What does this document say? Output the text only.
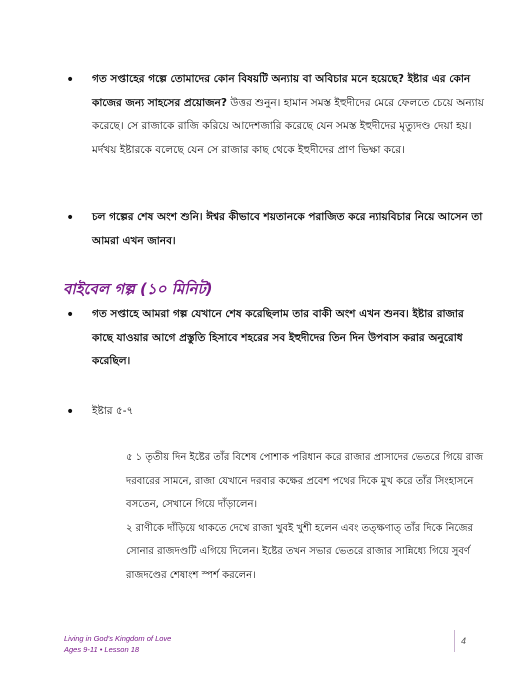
• গত সপ্তাহের গল্পে তোমাদের কোন বিষয়টি অন্যায় বা অবিচার মনে হয়েছে? ইষ্টার এর কোন কাজের জন্য সাহসের প্রয়োজন? উত্তর শুনুন। হামান সমস্ত ইহুদীদের মেরে ফেলতে চেয়ে অন্যায় করেছে। সে রাজাকে রাজি করিয়ে আদেশজারি করেছে যেন সমস্ত ইহুদীদের মৃত্যুদণ্ড দেয়া হয়। মর্দখয় ইষ্টারকে বলেছে যেন সে রাজার কাছ থেকে ইহুদীদের প্রাণ ভিক্ষা করে।
• চল গল্পের শেষ অংশ শুনি। ঈশ্বর কীভাবে শয়তানকে পরাজিত করে ন্যায়বিচার নিয়ে আসেন তা আমরা এখন জানব।
বাইবেল গল্প (১০ মিনিট)
• গত সপ্তাহে আমরা গল্প যেখানে শেষ করেছিলাম তার বাকী অংশ এখন শুনব। ইষ্টার রাজার কাছে যাওয়ার আগে প্রস্তুতি হিসাবে শহরের সব ইহুদীদের তিন দিন উপবাস করার অনুরোধ করেছিল।
• ইষ্টার ৫-৭

৫ ১ তৃতীয় দিন ইষ্টের তাঁর বিশেষ পোশাক পরিধান করে রাজার প্রাসাদের ভেতরে গিয়ে রাজ দরবারের সামনে, রাজা যেখানে দরবার কক্ষের প্রবেশ পথের দিকে মুখ করে তাঁর সিংহাসনে বসতেন, সেখানে গিয়ে দাঁড়ালেন।

২ রাণীকে দাঁড়িয়ে থাকতে দেখে রাজা খুবই খুশী হলেন এবং তত্ক্ষণাত্ তাঁর দিকে নিজের সোনার রাজদণ্ডটি এগিয়ে দিলেন। ইষ্টের তখন সভার ভেতরে রাজার সান্নিধ্যে গিয়ে সুবর্ণ রাজদণ্ডের শেষাংশ স্পর্শ করলেন।

Living in God's Kingdom of Love
Ages 9-11 • Lesson 18
4
